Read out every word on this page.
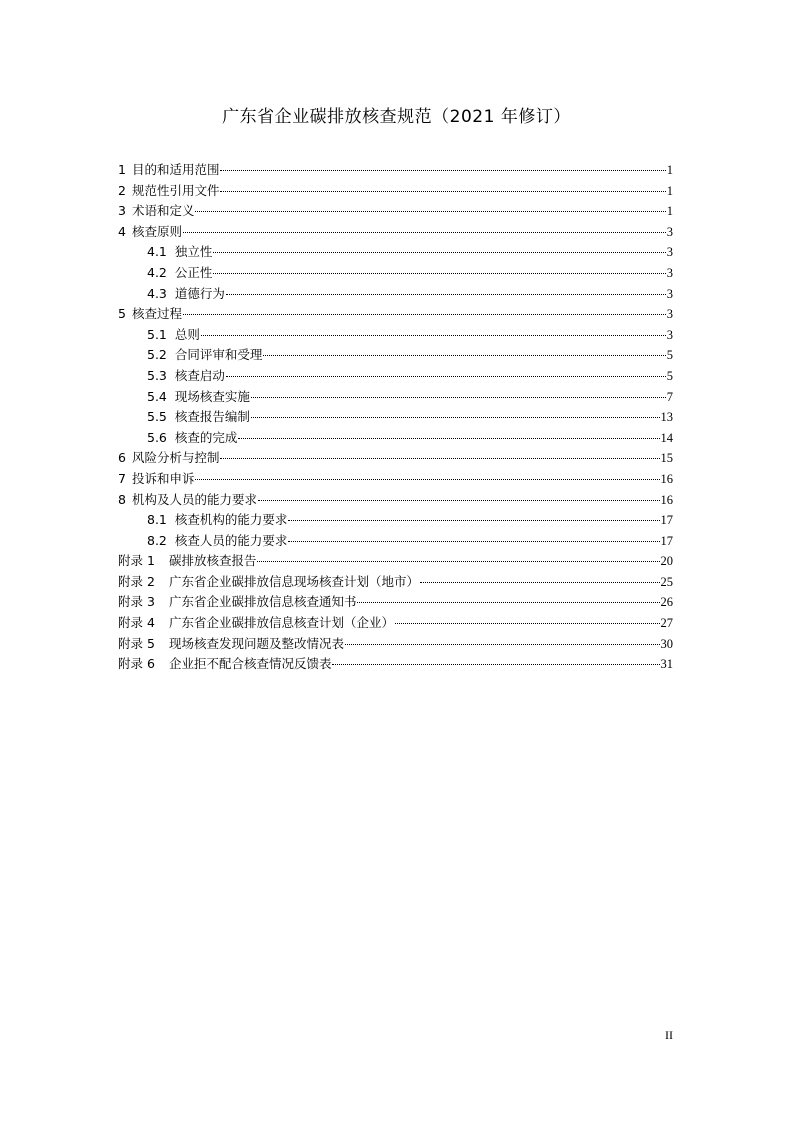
广东省企业碳排放核查规范（2021 年修订）
1 目的和适用范围	1
2 规范性引用文件	1
3 术语和定义	1
4 核查原则	3
4.1 独立性	3
4.2 公正性	3
4.3 道德行为	3
5 核查过程	3
5.1 总则	3
5.2 合同评审和受理	5
5.3 核查启动	5
5.4 现场核查实施	7
5.5 核查报告编制	13
5.6 核查的完成	14
6 风险分析与控制	15
7 投诉和申诉	16
8 机构及人员的能力要求	16
8.1 核查机构的能力要求	17
8.2 核查人员的能力要求	17
附录 1 碳排放核查报告	20
附录 2 广东省企业碳排放信息现场核查计划（地市）	25
附录 3 广东省企业碳排放信息核查通知书	26
附录 4 广东省企业碳排放信息核查计划（企业）	27
附录 5 现场核查发现问题及整改情况表	30
附录 6 企业拒不配合核查情况反馈表	31
II
